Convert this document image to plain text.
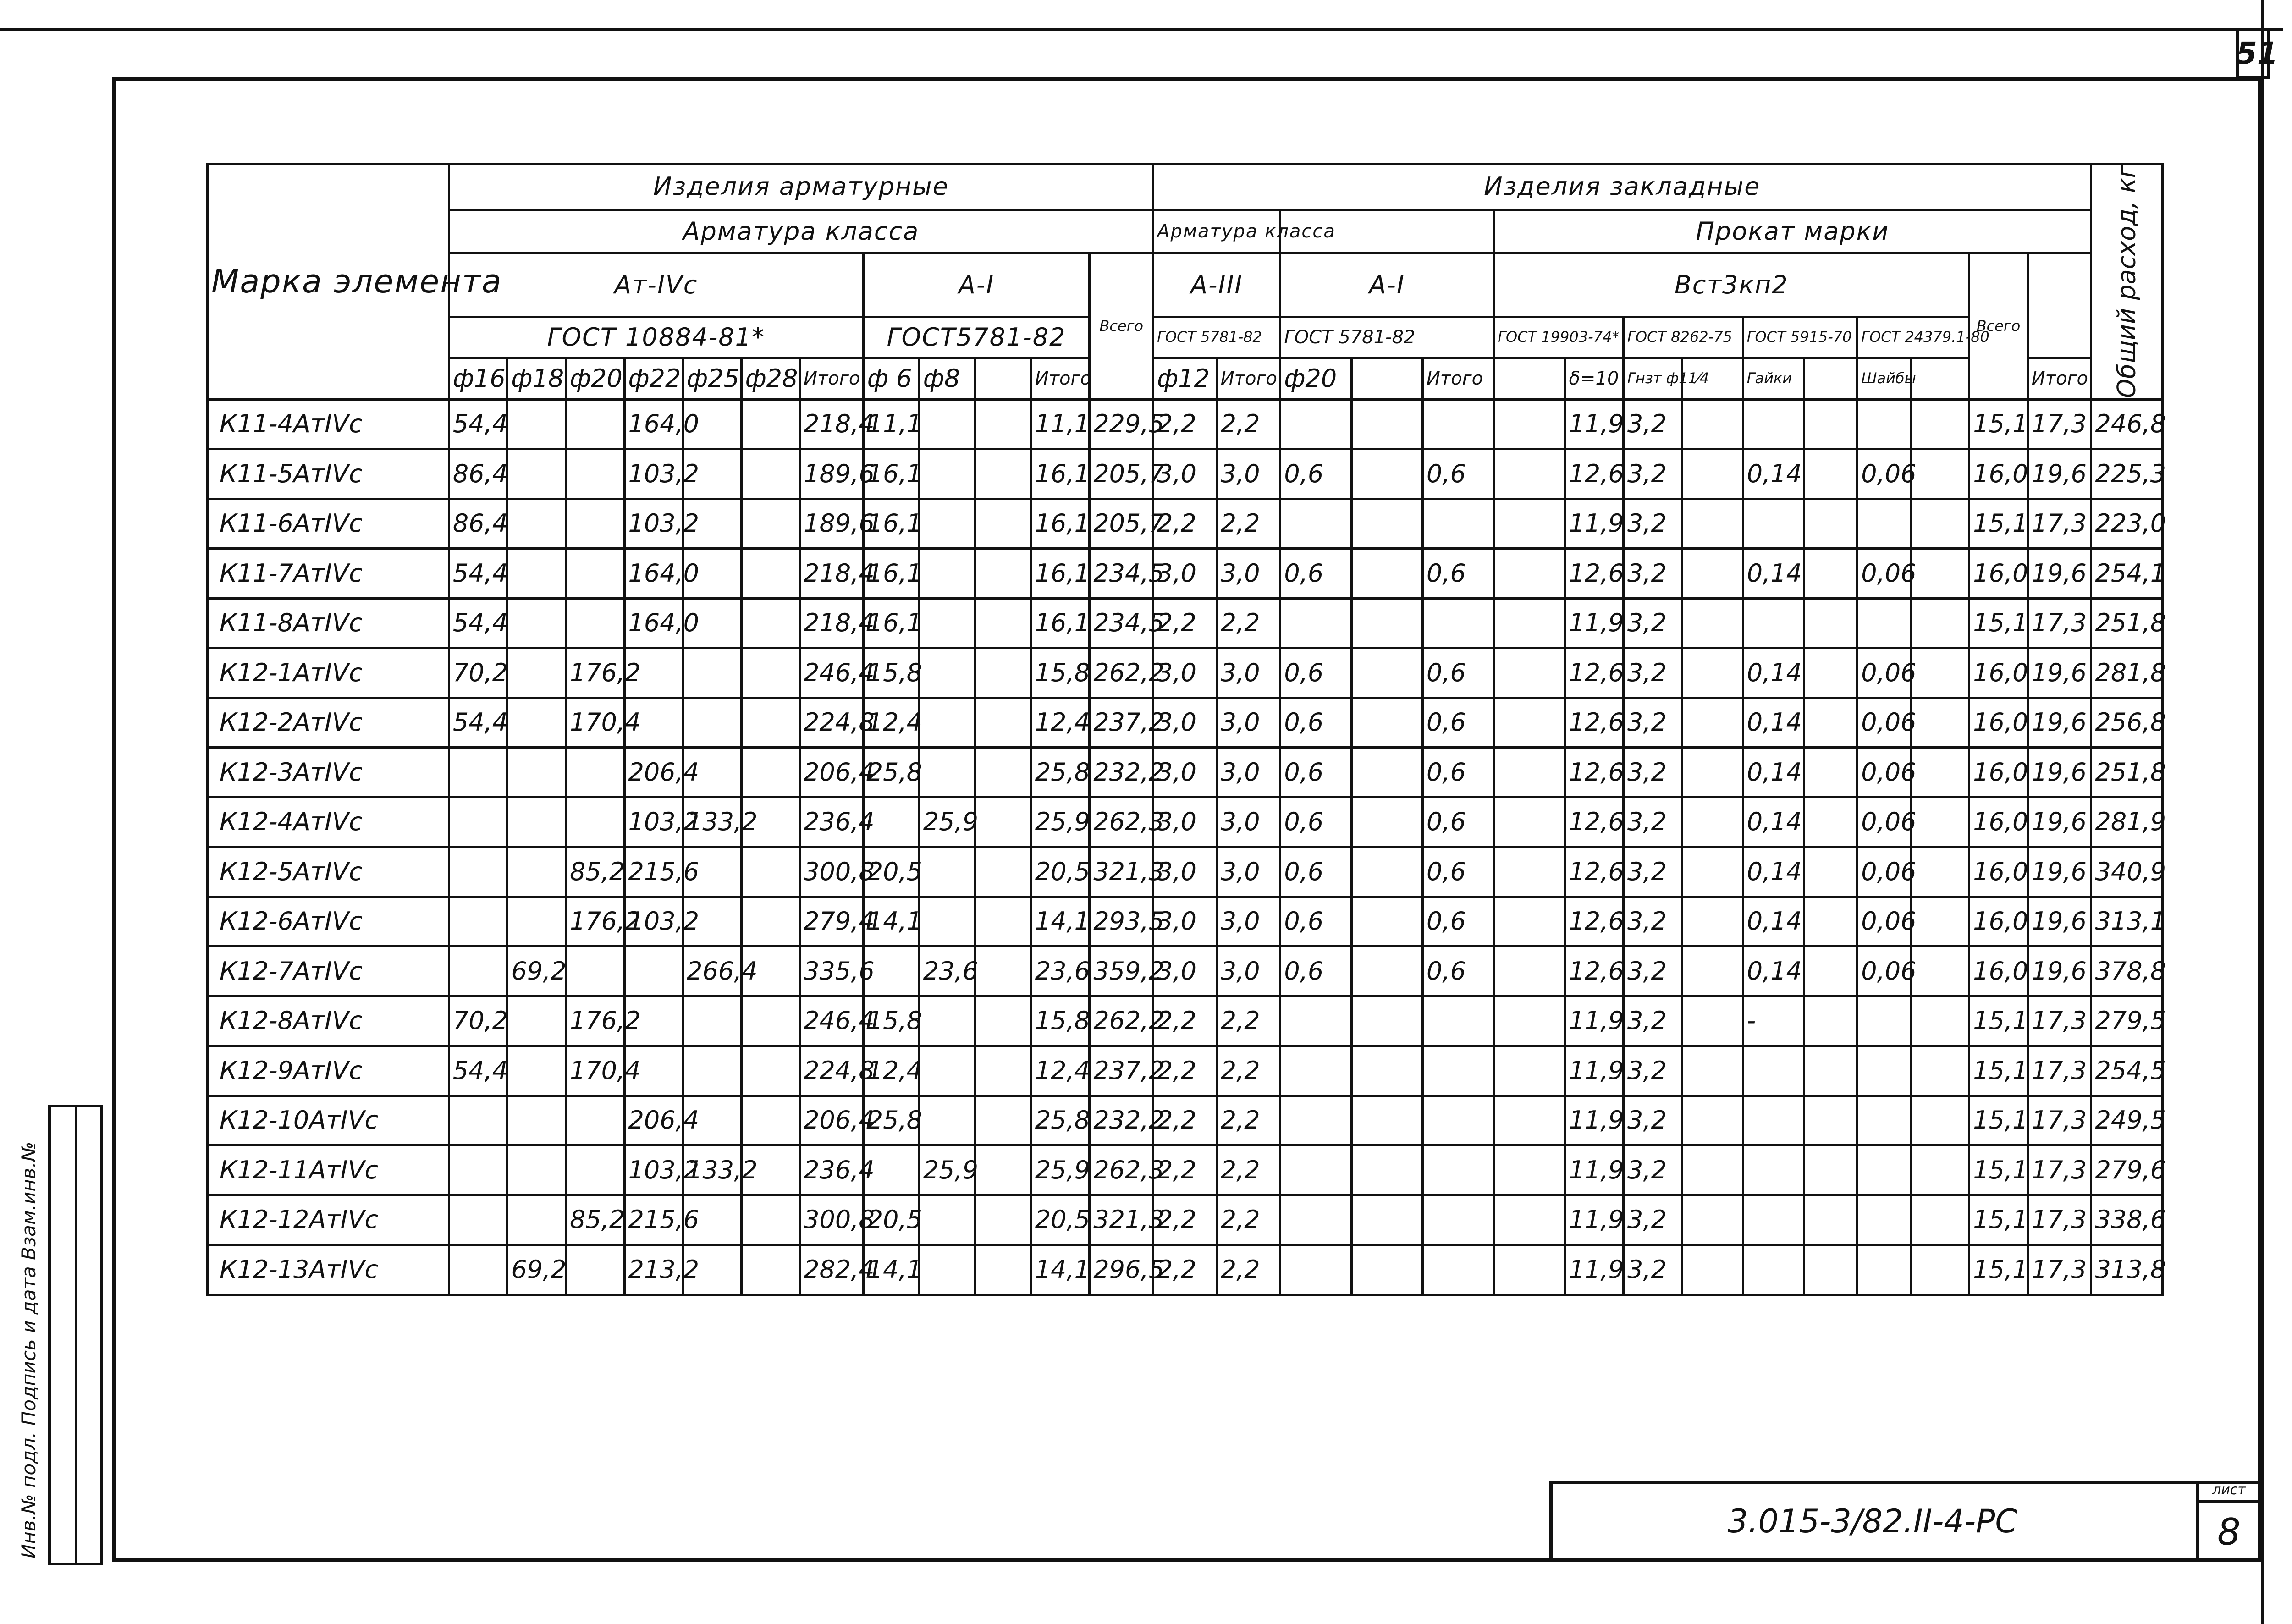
51
Инв.№ подл. Подпись и дата Взам.инв.№	3.015-3/82.II-4-PC
лист
8
Марка элемента	Изделия арматурные												Изделия закладные															Общий расход, кг
	Арматура класса												Арматура класса					Прокат марки										
	Ат-IVс							А-I				Всего	А-III		А-I			Вст3кп2								Всего		
	ГОСТ 10884-81*							ГОСТ5781-82					ГОСТ 5781-82		ГОСТ 5781-82			ГОСТ 19903-74*		ГОСТ 8262-75		ГОСТ 5915-70		ГОСТ 24379.1-80				
	ф16	ф18	ф20	ф22	ф25	ф28	Итого	ф 6	ф8		Итого		ф12	Итого	ф20		Итого		δ=10	Гнзт ф11⁄4		Гайки		Шайбы			Итого	
К11-4АтIVс	54,4			164,0			218,4	11,1			11,1	229,5	2,2	2,2					11,9	3,2						15,1	17,3	246,8
К11-5АтIVс	86,4			103,2			189,6	16,1			16,1	205,7	3,0	3,0	0,6		0,6		12,6	3,2		0,14		0,06		16,0	19,6	225,3
К11-6АтIVс	86,4			103,2			189,6	16,1			16,1	205,7	2,2	2,2					11,9	3,2						15,1	17,3	223,0
К11-7АтIVс	54,4			164,0			218,4	16,1			16,1	234,5	3,0	3,0	0,6		0,6		12,6	3,2		0,14		0,06		16,0	19,6	254,1
К11-8АтIVс	54,4			164,0			218,4	16,1			16,1	234,5	2,2	2,2					11,9	3,2						15,1	17,3	251,8
К12-1АтIVс	70,2		176,2				246,4	15,8			15,8	262,2	3,0	3,0	0,6		0,6		12,6	3,2		0,14		0,06		16,0	19,6	281,8
К12-2АтIVс	54,4		170,4				224,8	12,4			12,4	237,2	3,0	3,0	0,6		0,6		12,6	3,2		0,14		0,06		16,0	19,6	256,8
К12-3АтIVс				206,4			206,4	25,8			25,8	232,2	3,0	3,0	0,6		0,6		12,6	3,2		0,14		0,06		16,0	19,6	251,8
К12-4АтIVс				103,2	133,2		236,4		25,9		25,9	262,3	3,0	3,0	0,6		0,6		12,6	3,2		0,14		0,06		16,0	19,6	281,9
К12-5АтIVс			85,2	215,6			300,8	20,5			20,5	321,3	3,0	3,0	0,6		0,6		12,6	3,2		0,14		0,06		16,0	19,6	340,9
К12-6АтIVс			176,2	103,2			279,4	14,1			14,1	293,5	3,0	3,0	0,6		0,6		12,6	3,2		0,14		0,06		16,0	19,6	313,1
К12-7АтIVс		69,2			266,4		335,6		23,6		23,6	359,2	3,0	3,0	0,6		0,6		12,6	3,2		0,14		0,06		16,0	19,6	378,8
К12-8АтIVс	70,2		176,2				246,4	15,8			15,8	262,2	2,2	2,2					11,9	3,2		-				15,1	17,3	279,5
К12-9АтIVс	54,4		170,4				224,8	12,4			12,4	237,2	2,2	2,2					11,9	3,2						15,1	17,3	254,5
К12-10АтIVс				206,4			206,4	25,8			25,8	232,2	2,2	2,2					11,9	3,2						15,1	17,3	249,5
К12-11АтIVс				103,2	133,2		236,4		25,9		25,9	262,3	2,2	2,2					11,9	3,2						15,1	17,3	279,6
К12-12АтIVс			85,2	215,6			300,8	20,5			20,5	321,3	2,2	2,2					11,9	3,2						15,1	17,3	338,6
К12-13АтIVс		69,2		213,2			282,4	14,1			14,1	296,5	2,2	2,2					11,9	3,2						15,1	17,3	313,8
